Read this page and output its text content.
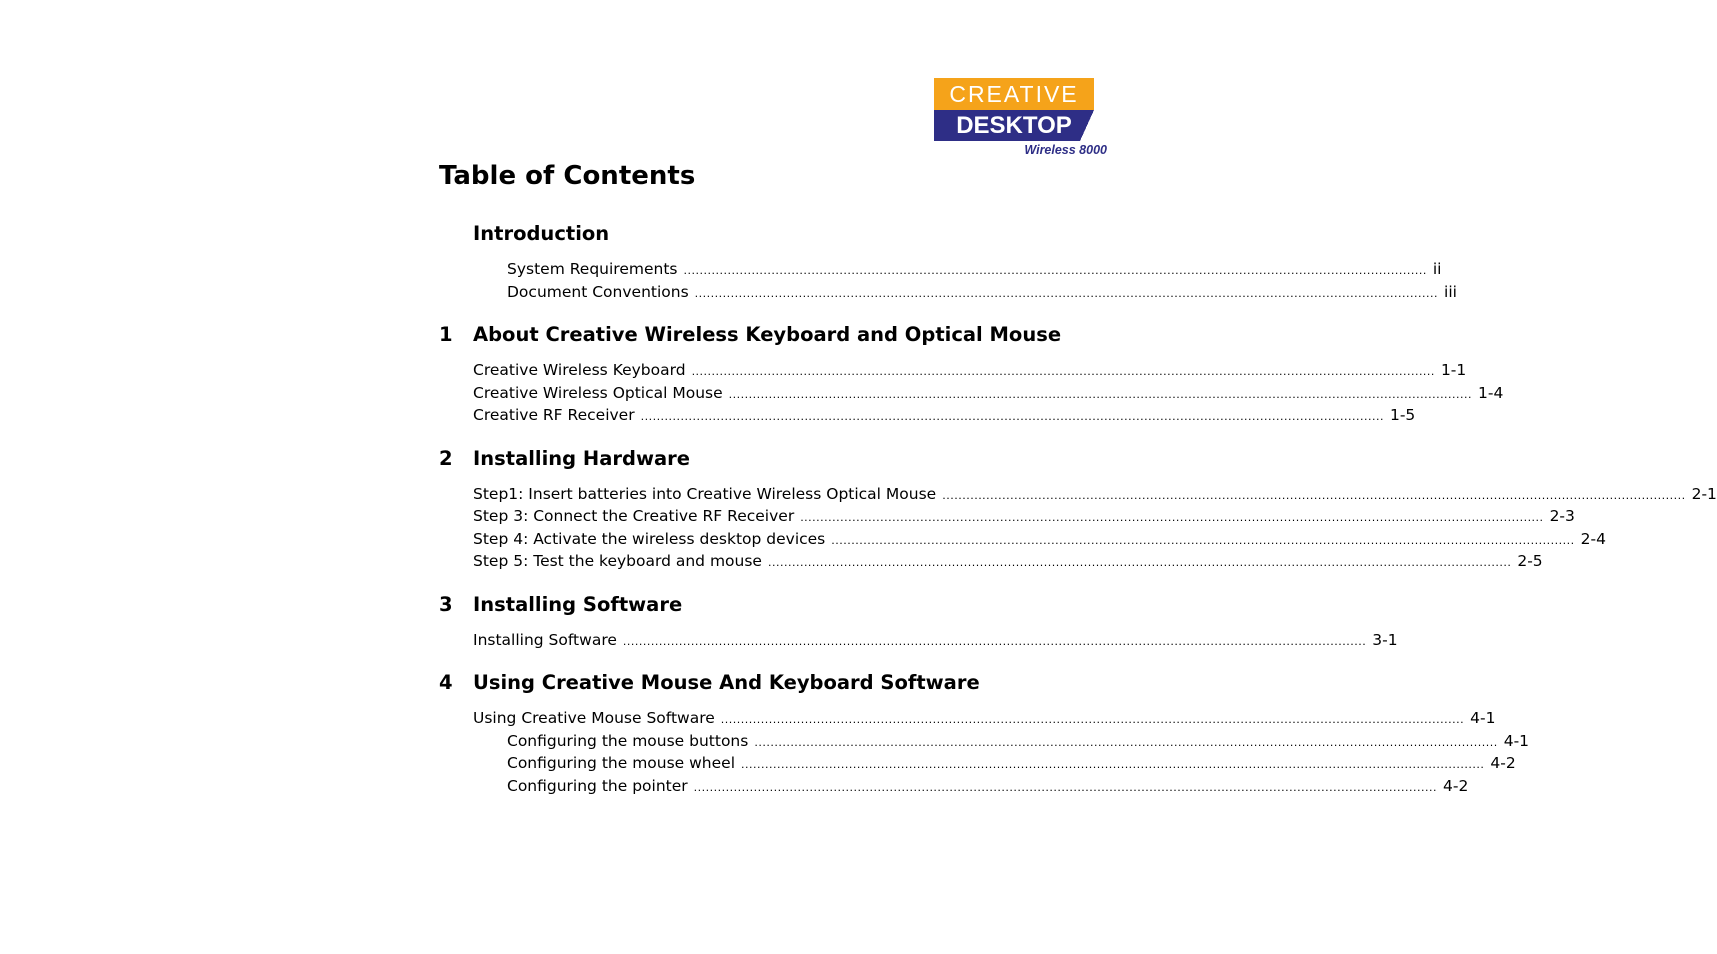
CREATIVE
DESKTOP
Wireless 8000
Table of Contents
Introduction
System Requirements .......................................................................................................................................................................................... ii
Document Conventions .......................................................................................................................................................................................... iii
1 About Creative Wireless Keyboard and Optical Mouse
Creative Wireless Keyboard .......................................................................................................................................................................................... 1-1
Creative Wireless Optical Mouse .......................................................................................................................................................................................... 1-4
Creative RF Receiver .......................................................................................................................................................................................... 1-5
2 Installing Hardware
Step1: Insert batteries into Creative Wireless Optical Mouse .......................................................................................................................................................................................... 2-1
Step 3: Connect the Creative RF Receiver .......................................................................................................................................................................................... 2-3
Step 4: Activate the wireless desktop devices .......................................................................................................................................................................................... 2-4
Step 5: Test the keyboard and mouse .......................................................................................................................................................................................... 2-5
3 Installing Software
Installing Software .......................................................................................................................................................................................... 3-1
4 Using Creative Mouse And Keyboard Software
Using Creative Mouse Software .......................................................................................................................................................................................... 4-1
Configuring the mouse buttons .......................................................................................................................................................................................... 4-1
Configuring the mouse wheel .......................................................................................................................................................................................... 4-2
Configuring the pointer .......................................................................................................................................................................................... 4-2
